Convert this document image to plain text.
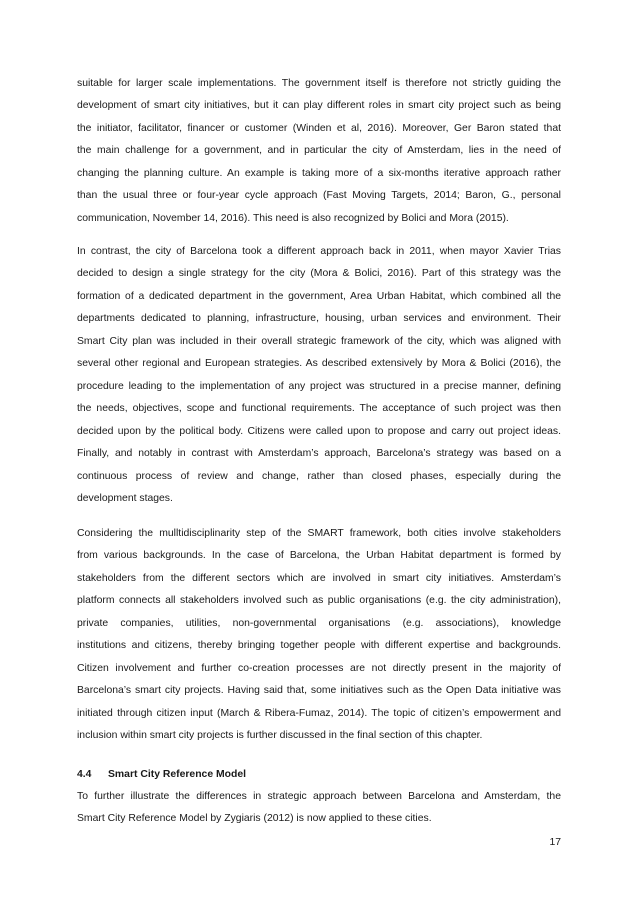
suitable for larger scale implementations. The government itself is therefore not strictly guiding the
development of smart city initiatives, but it can play different roles in smart city project such as being
the initiator, facilitator, financer or customer (Winden et al, 2016). Moreover, Ger Baron stated that
the main challenge for a government, and in particular the city of Amsterdam, lies in the need of
changing the planning culture. An example is taking more of a six-months iterative approach rather
than the usual three or four-year cycle approach (Fast Moving Targets, 2014; Baron, G., personal
communication, November 14, 2016). This need is also recognized by Bolici and Mora (2015).
In contrast, the city of Barcelona took a different approach back in 2011, when mayor Xavier Trias
decided to design a single strategy for the city (Mora & Bolici, 2016). Part of this strategy was the
formation of a dedicated department in the government, Area Urban Habitat, which combined all the
departments dedicated to planning, infrastructure, housing, urban services and environment. Their
Smart City plan was included in their overall strategic framework of the city, which was aligned with
several other regional and European strategies. As described extensively by Mora & Bolici (2016), the
procedure leading to the implementation of any project was structured in a precise manner, defining
the needs, objectives, scope and functional requirements. The acceptance of such project was then
decided upon by the political body. Citizens were called upon to propose and carry out project ideas.
Finally, and notably in contrast with Amsterdam’s approach, Barcelona’s strategy was based on a
continuous process of review and change, rather than closed phases, especially during the
development stages.
Considering the mulltidisciplinarity step of the SMART framework, both cities involve stakeholders
from various backgrounds. In the case of Barcelona, the Urban Habitat department is formed by
stakeholders from the different sectors which are involved in smart city initiatives. Amsterdam’s
platform connects all stakeholders involved such as public organisations (e.g. the city administration),
private companies, utilities, non-governmental organisations (e.g. associations), knowledge
institutions and citizens, thereby bringing together people with different expertise and backgrounds.
Citizen involvement and further co-creation processes are not directly present in the majority of
Barcelona’s smart city projects. Having said that, some initiatives such as the Open Data initiative was
initiated through citizen input (March & Ribera-Fumaz, 2014). The topic of citizen’s empowerment and
inclusion within smart city projects is further discussed in the final section of this chapter.
4.4 Smart City Reference Model
To further illustrate the differences in strategic approach between Barcelona and Amsterdam, the
Smart City Reference Model by Zygiaris (2012) is now applied to these cities.
17
